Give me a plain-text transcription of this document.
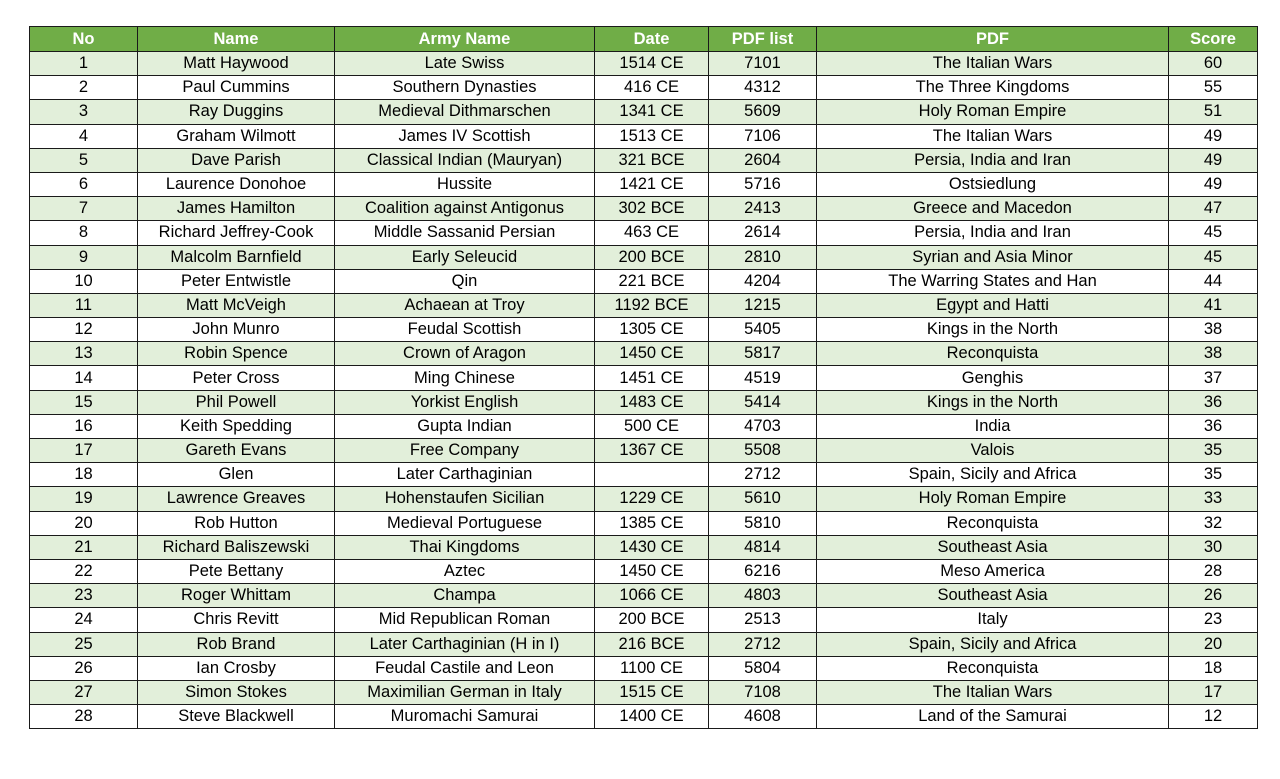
No	Name	Army Name	Date	PDF list	PDF	Score
1	Matt Haywood	Late Swiss	1514 CE	7101	The Italian Wars	60
2	Paul Cummins	Southern Dynasties	416 CE	4312	The Three Kingdoms	55
3	Ray Duggins	Medieval Dithmarschen	1341 CE	5609	Holy Roman Empire	51
4	Graham Wilmott	James IV Scottish	1513 CE	7106	The Italian Wars	49
5	Dave Parish	Classical Indian (Mauryan)	321 BCE	2604	Persia, India and Iran	49
6	Laurence Donohoe	Hussite	1421 CE	5716	Ostsiedlung	49
7	James Hamilton	Coalition against Antigonus	302 BCE	2413	Greece and Macedon	47
8	Richard Jeffrey-Cook	Middle Sassanid Persian	463 CE	2614	Persia, India and Iran	45
9	Malcolm Barnfield	Early Seleucid	200 BCE	2810	Syrian and Asia Minor	45
10	Peter Entwistle	Qin	221 BCE	4204	The Warring States and Han	44
11	Matt McVeigh	Achaean at Troy	1192 BCE	1215	Egypt and Hatti	41
12	John Munro	Feudal Scottish	1305 CE	5405	Kings in the North	38
13	Robin Spence	Crown of Aragon	1450 CE	5817	Reconquista	38
14	Peter Cross	Ming Chinese	1451 CE	4519	Genghis	37
15	Phil Powell	Yorkist English	1483 CE	5414	Kings in the North	36
16	Keith Spedding	Gupta Indian	500 CE	4703	India	36
17	Gareth Evans	Free Company	1367 CE	5508	Valois	35
18	Glen	Later Carthaginian		2712	Spain, Sicily and Africa	35
19	Lawrence Greaves	Hohenstaufen Sicilian	1229 CE	5610	Holy Roman Empire	33
20	Rob Hutton	Medieval Portuguese	1385 CE	5810	Reconquista	32
21	Richard Baliszewski	Thai Kingdoms	1430 CE	4814	Southeast Asia	30
22	Pete Bettany	Aztec	1450 CE	6216	Meso America	28
23	Roger Whittam	Champa	1066 CE	4803	Southeast Asia	26
24	Chris Revitt	Mid Republican Roman	200 BCE	2513	Italy	23
25	Rob Brand	Later Carthaginian (H in I)	216 BCE	2712	Spain, Sicily and Africa	20
26	Ian Crosby	Feudal Castile and Leon	1100 CE	5804	Reconquista	18
27	Simon Stokes	Maximilian German in Italy	1515 CE	7108	The Italian Wars	17
28	Steve Blackwell	Muromachi Samurai	1400 CE	4608	Land of the Samurai	12
